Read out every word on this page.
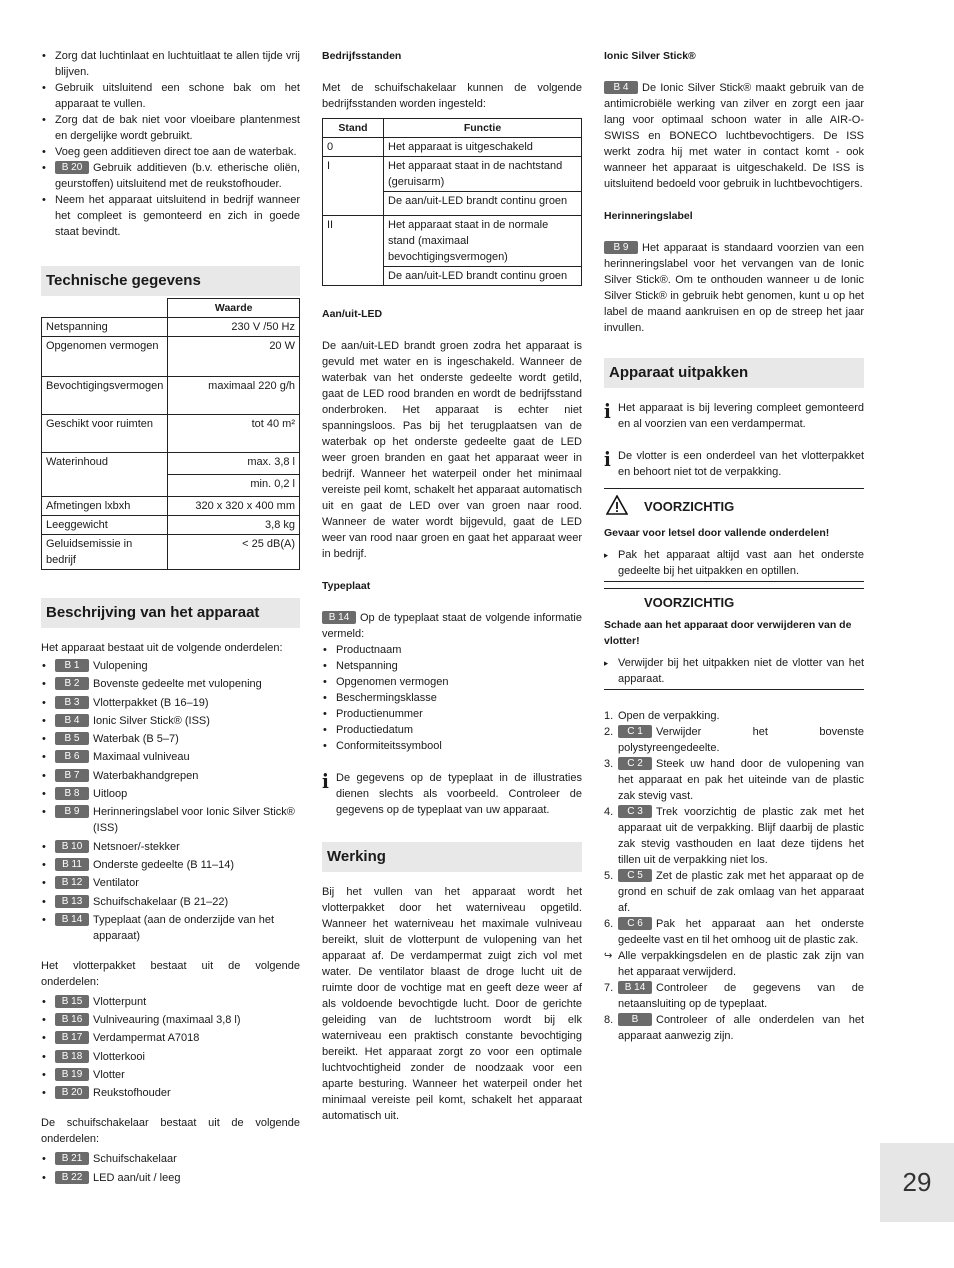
• Zorg dat luchtinlaat en luchtuitlaat te allen tijde vrij blijven.
• Gebruik uitsluitend een schone bak om het apparaat te vullen.
• Zorg dat de bak niet voor vloeibare plantenmest en dergelijke wordt gebruikt.
• Voeg geen additieven direct toe aan de waterbak.
• B 20 Gebruik additieven (b.v. etherische oliën, geurstoffen) uitsluitend met de reukstofhouder.
• Neem het apparaat uitsluitend in bedrijf wanneer het compleet is gemonteerd en zich in goede staat bevindt.
Technische gegevens
	Waarde
Netspanning	230 V /50 Hz
Opgenomen vermogen	20 W
Bevochtigingsvermogen	maximaal 220 g/h
Geschikt voor ruimten	tot 40 m²
Waterinhoud	max. 3,8 l
	min. 0,2 l
Afmetingen lxbxh	320 x 320 x 400 mm
Leeggewicht	3,8 kg
Geluidsemissie in bedrijf	< 25 dB(A)
Beschrijving van het apparaat

Het apparaat bestaat uit de volgende onderdelen:

• B 1 Vulopening
• B 2 Bovenste gedeelte met vulopening
• B 3 Vlotterpakket (B 16–19)
• B 4 Ionic Silver Stick® (ISS)
• B 5 Waterbak (B 5–7)
• B 6 Maximaal vulniveau
• B 7 Waterbakhandgrepen
• B 8 Uitloop
• B 9	Herinneringslabel voor Ionic Silver Stick® (ISS)
• B 10 Netsnoer/-stekker
• B 11 Onderste gedeelte (B 11–14)
• B 12 Ventilator
• B 13 Schuifschakelaar (B 21–22)
• B 14 Typeplaat (aan de onderzijde van het apparaat)

Het vlotterpakket bestaat uit de volgende onderdelen:

• B 15 Vlotterpunt
• B 16 Vulniveauring (maximaal 3,8 l)
• B 17 Verdampermat A7018
• B 18 Vlotterkooi
• B 19 Vlotter
• B 20 Reukstofhouder

De schuifschakelaar bestaat uit de volgende onderdelen:

• B 21 Schuifschakelaar
• B 22 LED aan/uit / leeg
Bedrijfsstanden

Met de schuifschakelaar kunnen de volgende bedrijfsstanden worden ingesteld:

Stand	Functie
0	Het apparaat is uitgeschakeld
I	Het apparaat staat in de nachtstand (geruisarm)
	De aan/uit-LED brandt continu groen
II	Het apparaat staat in de normale stand (maximaal bevochtigingsvermogen)
	De aan/uit-LED brandt continu groen
Aan/uit-LED

De aan/uit-LED brandt groen zodra het apparaat is gevuld met water en is ingeschakeld. Wanneer de waterbak van het onderste gedeelte wordt getild, gaat de LED rood branden en wordt de bedrijfsstand onderbroken. Het apparaat is echter niet spanningsloos. Pas bij het terugplaatsen van de waterbak op het onderste gedeelte gaat de LED weer groen branden en gaat het apparaat weer in bedrijf. Wanneer het waterpeil onder het minimaal vereiste peil komt, schakelt het apparaat automatisch uit en gaat de LED over van groen naar rood. Wanneer de water wordt bijgevuld, gaat de LED weer van rood naar groen en gaat het apparaat weer in bedrijf.

Typeplaat

B 14 Op de typeplaat staat de volgende informatie vermeld:

• Productnaam
• Netspanning
• Opgenomen vermogen
• Beschermingsklasse
• Productienummer
• Productiedatum
• Conformiteitssymbool
i De gegevens op de typeplaat in de illustraties dienen slechts als voorbeeld. Controleer de gegevens op de typeplaat van uw apparaat.

Werking

Bij het vullen van het apparaat wordt het vlotterpakket door het waterniveau opgetild. Wanneer het waterniveau het maximale vulniveau bereikt, sluit de vlotterpunt de vulopening van het apparaat af. De verdampermat zuigt zich vol met water. De ventilator blaast de droge lucht uit de ruimte door de vochtige mat en geeft deze weer af als voldoende bevochtigde lucht. Door de gerichte geleiding van de luchtstroom wordt bij elk waterniveau een praktisch constante bevochtiging bereikt. Het apparaat zorgt zo voor een optimale luchtvochtigheid zonder de noodzaak voor een aparte besturing. Wanneer het waterpeil onder het minimaal vereiste peil komt, schakelt het apparaat automatisch uit.

Ionic Silver Stick®

B 4 De Ionic Silver Stick® maakt gebruik van de antimicrobiële werking van zilver en zorgt een jaar lang voor optimaal schoon water in alle AIR-O-SWISS en BONECO luchtbevochtigers. De ISS werkt zodra hij met water in contact komt - ook wanneer het apparaat is uitgeschakeld. De ISS is uitsluitend bedoeld voor gebruik in luchtbevochtigers.

Herinneringslabel

B 9 Het apparaat is standaard voorzien van een herinneringslabel voor het vervangen van de Ionic Silver Stick®. Om te onthouden wanneer u de Ionic Silver Stick® in gebruik hebt genomen, kunt u op het label de maand aankruisen en op de streep het jaar invullen.

Apparaat uitpakken
i Het apparaat is bij levering compleet gemonteerd en al voorzien van een verdampermat.

i De vlotter is een onderdeel van het vlotterpakket en behoort niet tot de verpakking.

VOORZICHTIG
Gevaar voor letsel door vallende onderdelen!
▸ Pak het apparaat altijd vast aan het onderste gedeelte bij het uitpakken en optillen.
VOORZICHTIG
Schade aan het apparaat door verwijderen van de vlotter!
▸ Verwijder bij het uitpakken niet de vlotter van het apparaat.
1. Open de verpakking.
2. C 1 Verwijder het bovenste polystyreengedeelte.
3. C 2 Steek uw hand door de vulopening van het apparaat en pak het uiteinde van de plastic zak stevig vast.
4. C 3 Trek voorzichtig de plastic zak met het apparaat uit de verpakking. Blijf daarbij de plastic zak stevig vasthouden en laat deze tijdens het tillen uit de verpakking niet los.
5. C 5 Zet de plastic zak met het apparaat op de grond en schuif de zak omlaag van het apparaat af.
6. C 6 Pak het apparaat aan het onderste gedeelte vast en til het omhoog uit de plastic zak.
↪ Alle verpakkingsdelen en de plastic zak zijn van het apparaat verwijderd.
7. B 14 Controleer de gegevens van de netaansluiting op de typeplaat.
8. B Controleer of alle onderdelen van het apparaat aanwezig zijn.
29
